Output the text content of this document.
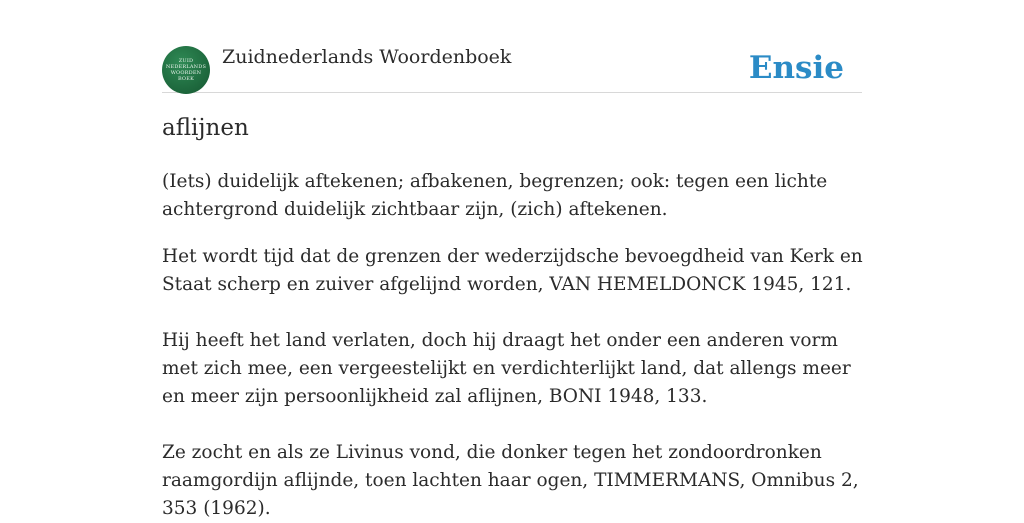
ZUID
NEDERLANDS
WOORDEN
BOEK
Zuidnederlands Woordenboek	Ensie
aflijnen

(Iets) duidelijk aftekenen; afbakenen, begrenzen; ook: tegen een lichte achtergrond duidelijk zichtbaar zijn, (zich) aftekenen.

Het wordt tijd dat de grenzen der wederzijdsche bevoegdheid van Kerk en Staat scherp en zuiver afgelijnd worden, VAN HEMELDONCK 1945, 121.

Hij heeft het land verlaten, doch hij draagt het onder een anderen vorm met zich mee, een vergeestelijkt en verdichterlijkt land, dat allengs meer en meer zijn persoonlijkheid zal aflijnen, BONI 1948, 133.

Ze zocht en als ze Livinus vond, die donker tegen het zondoordronken raamgordijn aflijnde, toen lachten haar ogen, TIMMERMANS, Omnibus 2, 353 (1962).
